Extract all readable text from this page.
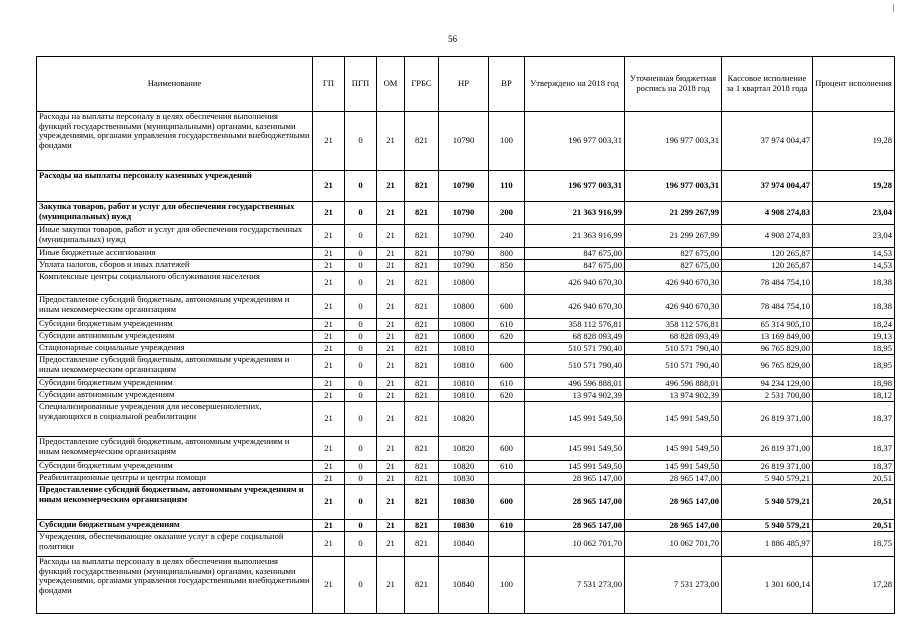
56
Наименование	ГП	ПГП	ОМ	ГРБС	НР	ВР	Утверждено на 2018 год	Уточненная бюджетная роспись на 2018 год	Кассовое исполнение за 1 квартал 2018 года	Процент исполнения
Расходы на выплаты персоналу в целях обеспечения выполнения функций государственными (муниципальными) органами, казенными учреждениями, органами управления государственными внебюджетными фондами	21	0	21	821	10790	100	196 977 003,31	196 977 003,31	37 974 004,47	19,28
Расходы на выплаты персоналу казенных учреждений	21	0	21	821	10790	110	196 977 003,31	196 977 003,31	37 974 004,47	19,28
Закупка товаров, работ и услуг для обеспечения государственных (муниципальных) нужд	21	0	21	821	10790	200	21 363 916,99	21 299 267,99	4 908 274,83	23,04
Иные закупки товаров, работ и услуг для обеспечения государственных (муниципальных) нужд	21	0	21	821	10790	240	21 363 916,99	21 299 267,99	4 908 274,83	23,04
Иные бюджетные ассигнования	21	0	21	821	10790	800	847 675,00	827 675,00	120 265,87	14,53
Уплата налогов, сборов и иных платежей	21	0	21	821	10790	850	847 675,00	827 675,00	120 265,87	14,53
Комплексные центры социального обслуживания населения	21	0	21	821	10800		426 940 670,30	426 940 670,30	78 484 754,10	18,38
Предоставление субсидий бюджетным, автономным учреждениям и иным некоммерческим организациям	21	0	21	821	10800	600	426 940 670,30	426 940 670,30	78 484 754,10	18,38
Субсидии бюджетным учреждениям	21	0	21	821	10800	610	358 112 576,81	358 112 576,81	65 314 905,10	18,24
Субсидии автономным учреждениям	21	0	21	821	10800	620	68 828 093,49	68 828 093,49	13 169 849,00	19,13
Стационарные социальные учреждения	21	0	21	821	10810		510 571 790,40	510 571 790,40	96 765 829,00	18,95
Предоставление субсидий бюджетным, автономным учреждениям и иным некоммерческим организациям	21	0	21	821	10810	600	510 571 790,40	510 571 790,40	96 765 829,00	18,95
Субсидии бюджетным учреждениям	21	0	21	821	10810	610	496 596 888,01	496 596 888,01	94 234 129,00	18,98
Субсидии автономным учреждениям	21	0	21	821	10810	620	13 974 902,39	13 974 902,39	2 531 700,00	18,12
Специализированные учреждения для несовершеннолетних, нуждающихся в социальной реабилитации	21	0	21	821	10820		145 991 549,50	145 991 549,50	26 819 371,00	18,37
Предоставление субсидий бюджетным, автономным учреждениям и иным некоммерческим организациям	21	0	21	821	10820	600	145 991 549,50	145 991 549,50	26 819 371,00	18,37
Субсидии бюджетным учреждениям	21	0	21	821	10820	610	145 991 549,50	145 991 549,50	26 819 371,00	18,37
Реабилитационные центры и центры помощи	21	0	21	821	10830		28 965 147,00	28 965 147,00	5 940 579,21	20,51
Предоставление субсидий бюджетным, автономным учреждениям и иным некоммерческим организациям	21	0	21	821	10830	600	28 965 147,00	28 965 147,00	5 940 579,21	20,51
Субсидии бюджетным учреждениям	21	0	21	821	10830	610	28 965 147,00	28 965 147,00	5 940 579,21	20,51
Учреждения, обеспечивающие оказание услуг в сфере социальной политики	21	0	21	821	10840		10 062 701,70	10 062 701,70	1 886 485,97	18,75
Расходы на выплаты персоналу в целях обеспечения выполнения функций государственными (муниципальными) органами, казенными учреждениями, органами управления государственными внебюджетными фондами	21	0	21	821	10840	100	7 531 273,00	7 531 273,00	1 301 600,14	17,28
